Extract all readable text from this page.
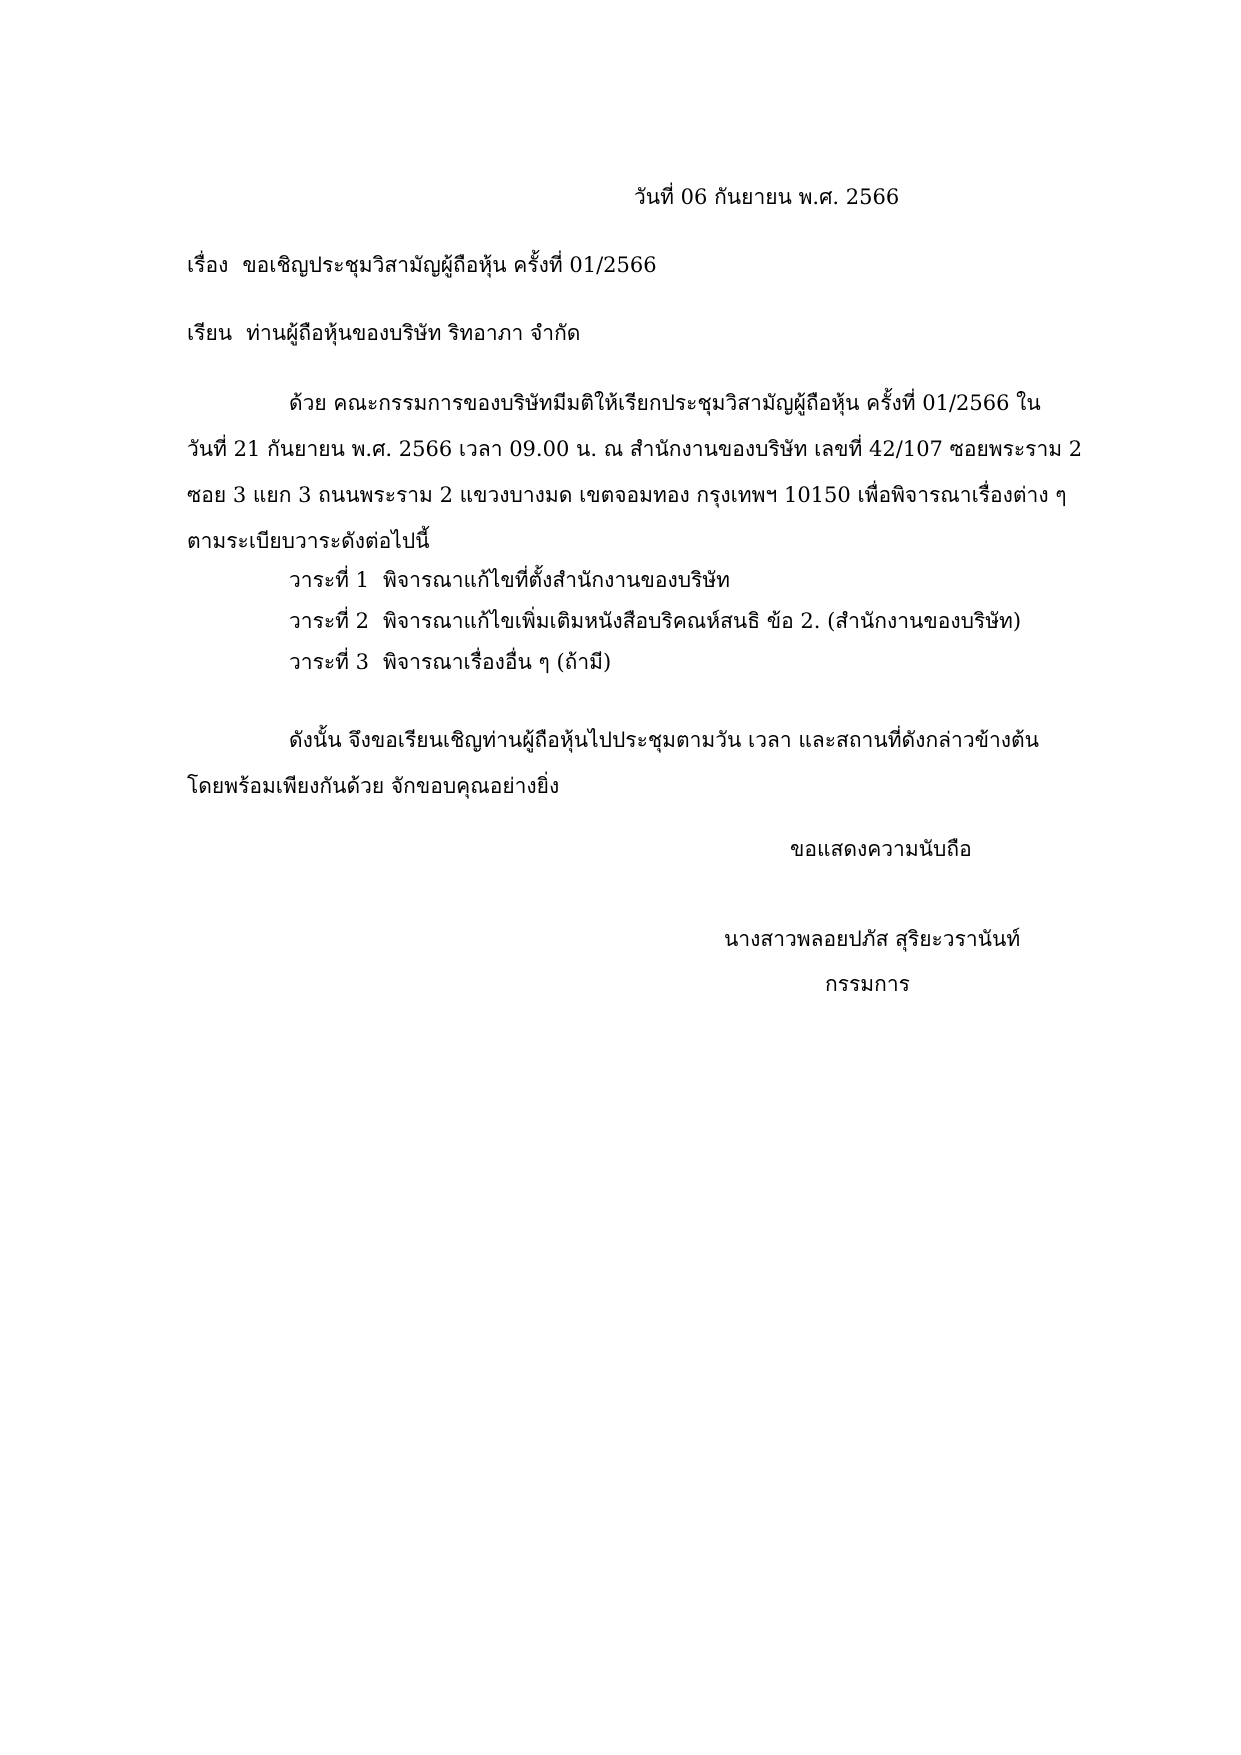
วันที่ 06 กันยายน พ.ศ. 2566
เรื่อง ขอเชิญประชุมวิสามัญผู้ถือหุ้น ครั้งที่ 01/2566
เรียน ท่านผู้ถือหุ้นของบริษัท ริทอาภา จำกัด
ด้วย คณะกรรมการของบริษัทมีมติให้เรียกประชุมวิสามัญผู้ถือหุ้น ครั้งที่ 01/2566 ใน
วันที่ 21 กันยายน พ.ศ. 2566 เวลา 09.00 น. ณ สำนักงานของบริษัท เลขที่ 42/107 ซอยพระราม 2
ซอย 3 แยก 3 ถนนพระราม 2 แขวงบางมด เขตจอมทอง กรุงเทพฯ 10150 เพื่อพิจารณาเรื่องต่าง ๆ
ตามระเบียบวาระดังต่อไปนี้
วาระที่ 1 พิจารณาแก้ไขที่ตั้งสำนักงานของบริษัท
วาระที่ 2 พิจารณาแก้ไขเพิ่มเติมหนังสือบริคณห์สนธิ ข้อ 2. (สำนักงานของบริษัท)
วาระที่ 3 พิจารณาเรื่องอื่น ๆ (ถ้ามี)
ดังนั้น จึงขอเรียนเชิญท่านผู้ถือหุ้นไปประชุมตามวัน เวลา และสถานที่ดังกล่าวข้างต้น
โดยพร้อมเพียงกันด้วย จักขอบคุณอย่างยิ่ง
ขอแสดงความนับถือ
นางสาวพลอยปภัส สุริยะวรานันท์
กรรมการ
